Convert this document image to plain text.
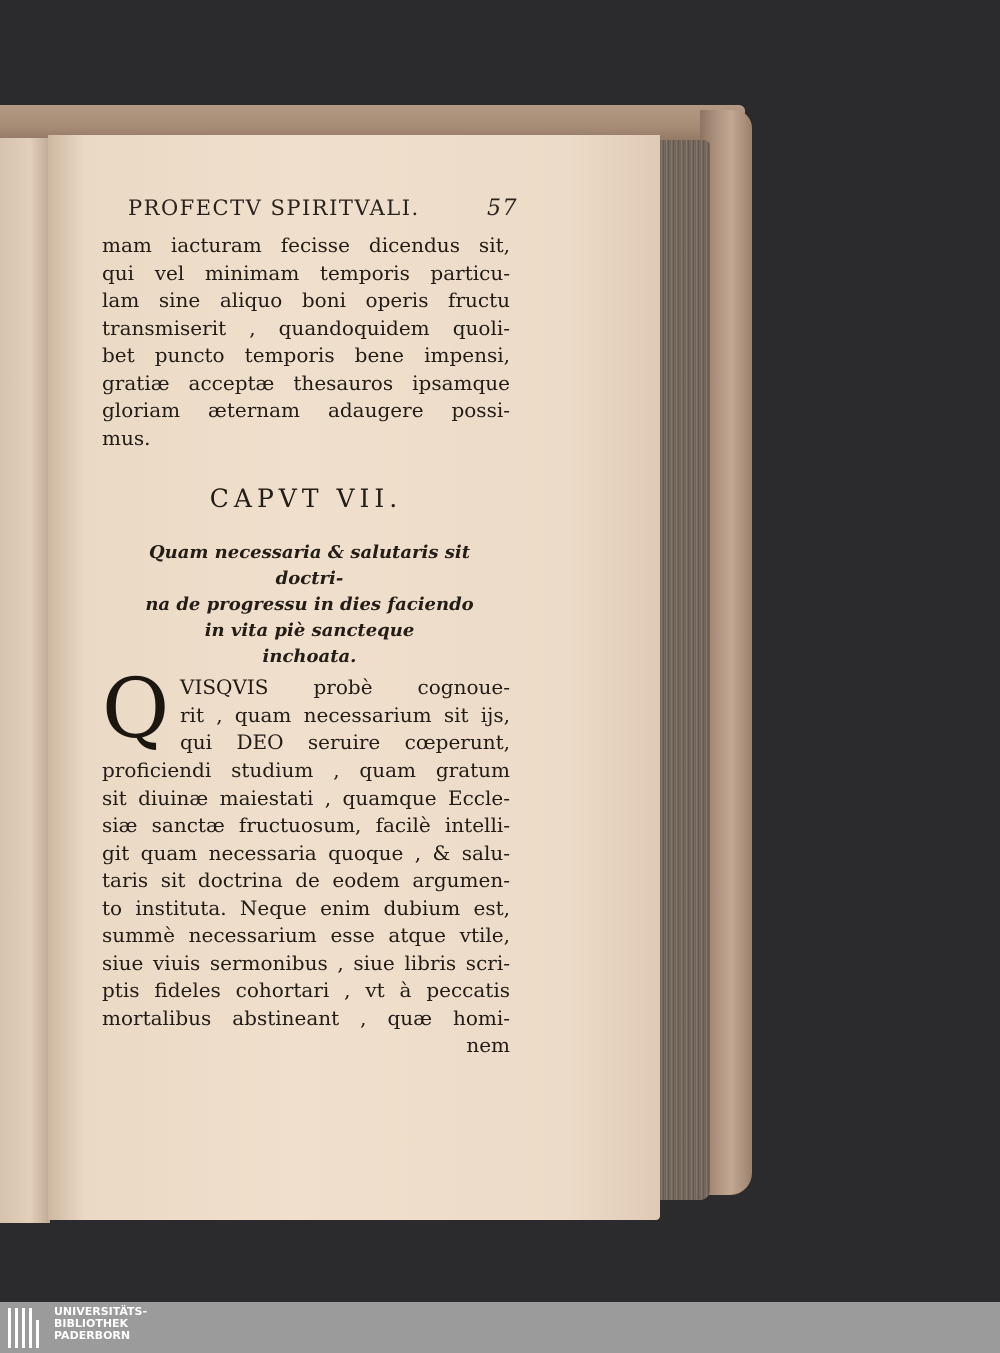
PROFECTV SPIRITVALI.	57
mam iacturam fecisse dicendus sit,
qui vel minimam temporis particu-
lam sine aliquo boni operis fructu
transmiserit , quandoquidem quoli-
bet puncto temporis bene impensi,
gratiæ acceptæ thesauros ipsamque
gloriam æternam adaugere possi-
mus.
CAPVT VII.
Quam necessaria & salutaris sit doctri-
na de progressu in dies faciendo
in vita piè sancteque
inchoata.
Q VISQVIS probè cognoue-
rit , quam necessarium sit ijs,
qui DEO seruire cœperunt,
proficiendi studium , quam gratum
sit diuinæ maiestati , quamque Eccle-
siæ sanctæ fructuosum, facilè intelli-
git quam necessaria quoque , & salu-
taris sit doctrina de eodem argumen-
to instituta. Neque enim dubium est,
summè necessarium esse atque vtile,
siue viuis sermonibus , siue libris scri-
ptis fideles cohortari , vt à peccatis
mortalibus abstineant , quæ homi-
nem
UNIVERSITÄTS-
BIBLIOTHEK
PADERBORN
